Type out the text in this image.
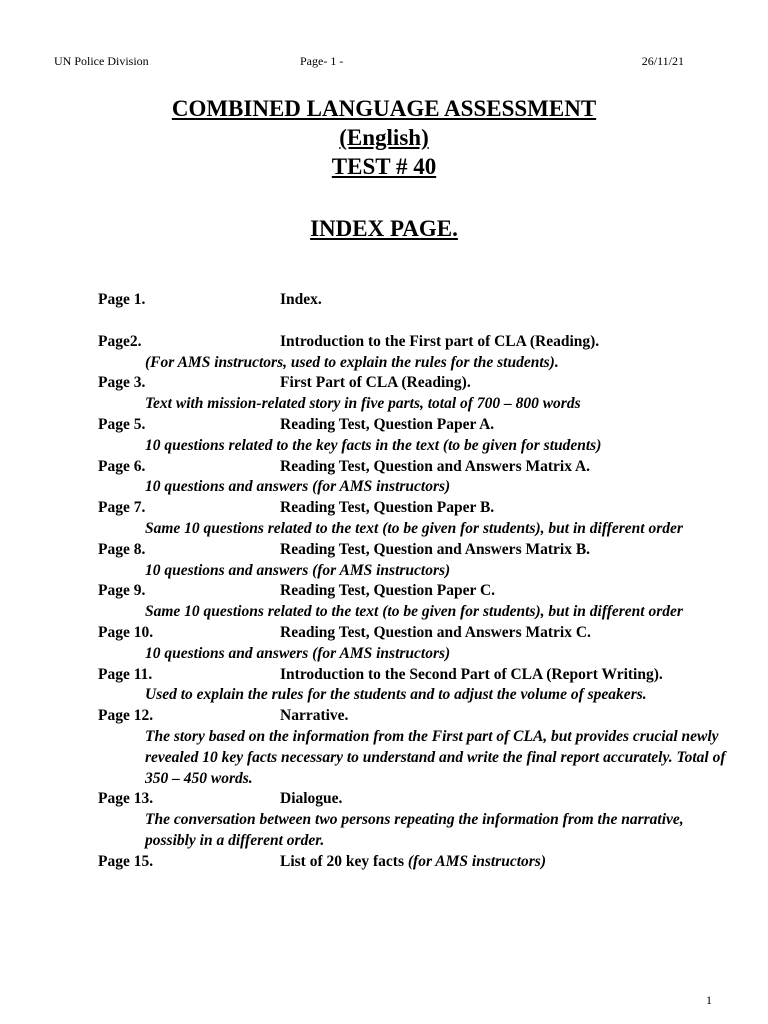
UN Police Division	Page- 1 -	26/11/21
COMBINED LANGUAGE ASSESSMENT
(English)
TEST # 40
INDEX PAGE.
Page 1.	Index.
Page2.	Introduction to the First part of CLA (Reading).
(For AMS instructors, used to explain the rules for the students).
Page 3.	First Part of CLA (Reading).
Text with mission-related story in five parts, total of 700 – 800 words
Page 5.	Reading Test, Question Paper A.
10 questions related to the key facts in the text (to be given for students)
Page 6.	Reading Test, Question and Answers Matrix A.
10 questions and answers (for AMS instructors)
Page 7.	Reading Test, Question Paper B.
Same 10 questions related to the text (to be given for students), but in different order
Page 8.	Reading Test, Question and Answers Matrix B.
10 questions and answers (for AMS instructors)
Page 9.	Reading Test, Question Paper C.
Same 10 questions related to the text (to be given for students), but in different order
Page 10.	Reading Test, Question and Answers Matrix C.
10 questions and answers (for AMS instructors)
Page 11.	Introduction to the Second Part of CLA (Report Writing).
Used to explain the rules for the students and to adjust the volume of speakers.
Page 12.	Narrative.
The story based on the information from the First part of CLA, but provides crucial newly revealed 10 key facts necessary to understand and write the final report accurately. Total of 350 – 450 words.
Page 13.	Dialogue.
The conversation between two persons repeating the information from the narrative, possibly in a different order.
Page 15.	List of 20 key facts (for AMS instructors)
1
